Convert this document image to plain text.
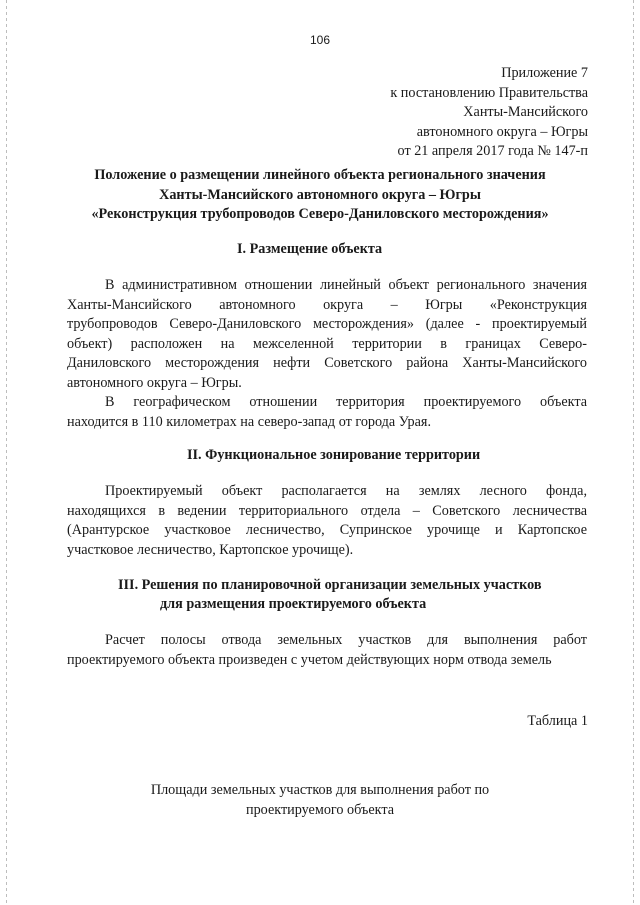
106
Приложение 7
к постановлению Правительства
Ханты-Мансийского
автономного округа – Югры
от 21 апреля 2017 года № 147-п
Положение о размещении линейного объекта регионального значения
Ханты-Мансийского автономного округа – Югры
«Реконструкция трубопроводов Северо-Даниловского месторождения»
I. Размещение объекта
В административном отношении линейный объект регионального значения
Ханты-Мансийского автономного округа – Югры «Реконструкция
трубопроводов Северо-Даниловского месторождения» (далее - проектируемый
объект) расположен на межселенной территории в границах Северо-
Даниловского месторождения нефти Советского района Ханты-Мансийского
автономного округа – Югры.
В географическом отношении территория проектируемого объекта
находится в 110 километрах на северо-запад от города Урая.
II. Функциональное зонирование территории
Проектируемый объект располагается на землях лесного фонда,
находящихся в ведении территориального отдела – Советского лесничества
(Арантурское участковое лесничество, Супринское урочище и Картопское
участковое лесничество, Картопское урочище).
III. Решения по планировочной организации земельных участков
для размещения проектируемого объекта
Расчет полосы отвода земельных участков для выполнения работ
проектируемого объекта произведен с учетом действующих норм отвода земель
Таблица 1
Площади земельных участков для выполнения работ по
проектируемого объекта
